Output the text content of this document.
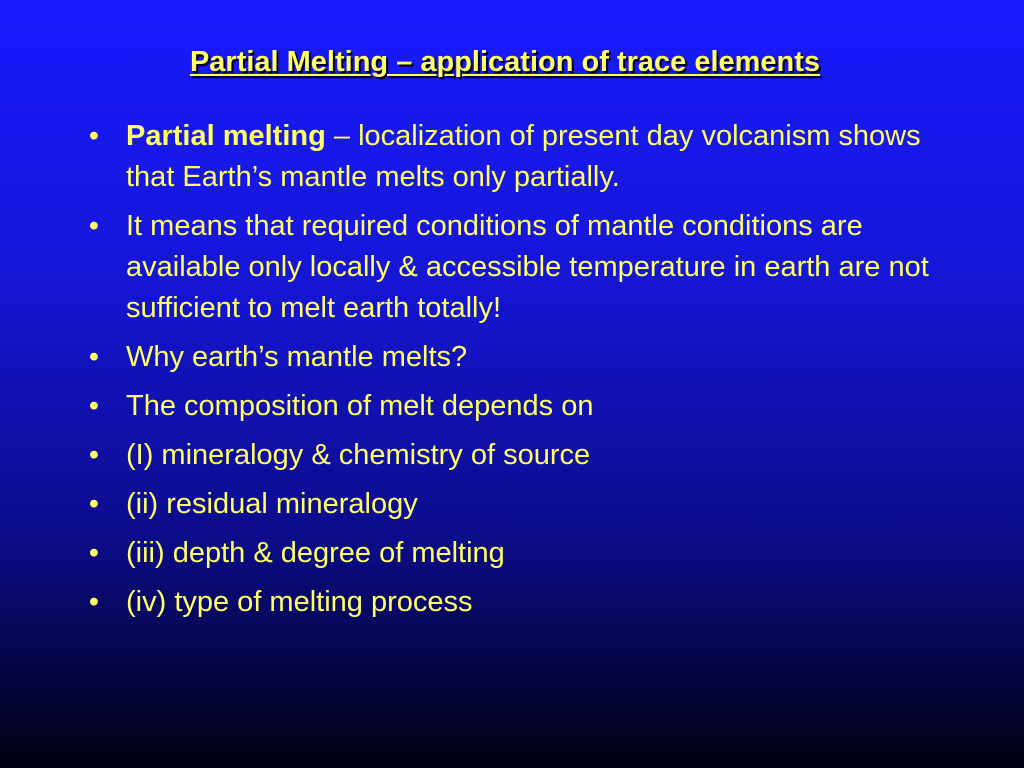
Partial Melting – application of trace elements
• Partial melting – localization of present day volcanism shows that Earth’s mantle melts only partially.
• It means that required conditions of mantle conditions are available only locally & accessible temperature in earth are not sufficient to melt earth totally!
• Why earth’s mantle melts?
• The composition of melt depends on
• (I) mineralogy & chemistry of source
• (ii) residual mineralogy
• (iii) depth & degree of melting
• (iv) type of melting process
